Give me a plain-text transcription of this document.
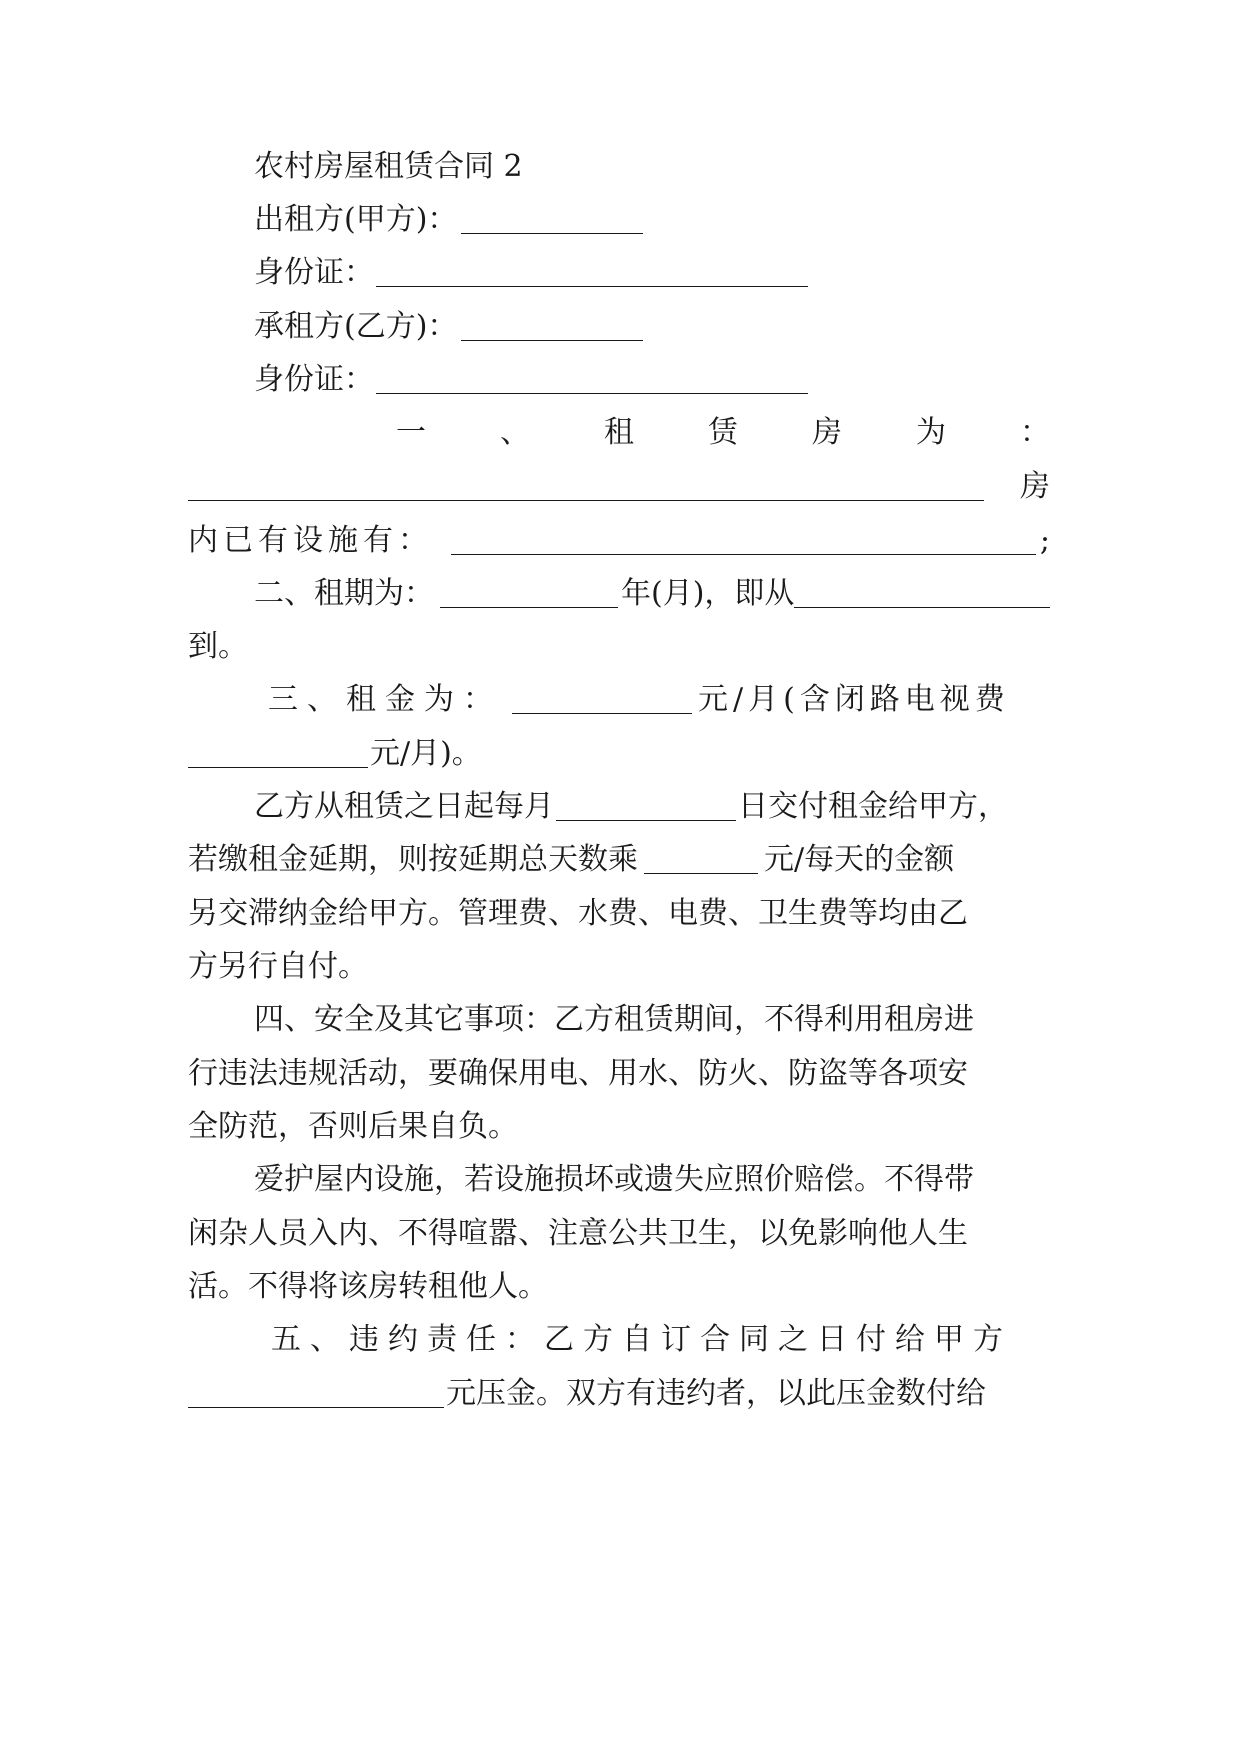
农村房屋租赁合同 2
出租方(甲方)：
身份证：
承租方(乙方)：
身份证：
一 、 租 赁 房 为 ：
房
内已有设施有：	;
二、租期为：	年(月)，即从
到。
三、租金为：	元/月(含闭路电视费
元/月)。
乙方从租赁之日起每月	日交付租金给甲方，
若缴租金延期，则按延期总天数乘	元/每天的金额
另交滞纳金给甲方。管理费、水费、电费、卫生费等均由乙
方另行自付。
四、安全及其它事项：乙方租赁期间，不得利用租房进
行违法违规活动，要确保用电、用水、防火、防盗等各项安
全防范，否则后果自负。
爱护屋内设施，若设施损坏或遗失应照价赔偿。不得带
闲杂人员入内、不得喧嚣、注意公共卫生，以免影响他人生
活。不得将该房转租他人。
五、违约责任：乙方自订合同之日付给甲方
元压金。双方有违约者，以此压金数付给
